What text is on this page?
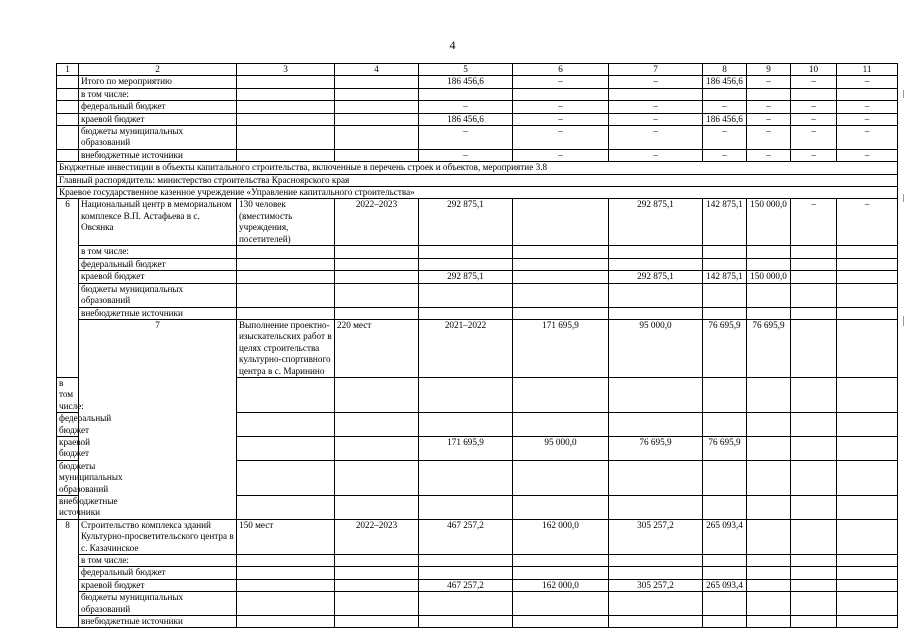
4
1	2	3	4	5	6	7	8	9	10	11	
	Итого по мероприятию			186 456,6	–	–	186 456,6	–	–	–	
	в том числе:										
	федеральный бюджет			–	–	–	–	–	–	–	
	краевой бюджет			186 456,6	–	–	186 456,6	–	–	–	
	бюджеты муниципальных образований			–	–	–	–	–	–	–	
	внебюджетные источники			–	–	–	–	–	–	–	
Бюджетные инвестиции в объекты капитального строительства, включенные в перечень строек и объектов, мероприятие 3.8											
Главный распорядитель: министерство строительства Красноярского края											
Краевое государственное казенное учреждение «Управление капитального строительства»											
6	Национальный центр в мемориальном комплексе В.П. Астафьева в с. Овсянка	130 человек (вместимость учреждения, посетителей)	2022–2023	292 875,1		292 875,1	142 875,1	150 000,0	–	–	
	в том числе:										
	федеральный бюджет										
	краевой бюджет			292 875,1		292 875,1	142 875,1	150 000,0			
	бюджеты муниципальных образований										
	внебюджетные источники										
	7	Выполнение проектно-изыскательских работ в целях строительства культурно-спортивного центра в с. Маринино	220 мест	2021–2022	171 695,9	95 000,0	76 695,9	76 695,9			
в том числе:											
федеральный бюджет											
краевой бюджет				171 695,9	95 000,0	76 695,9	76 695,9				
бюджеты муниципальных образований											
внебюджетные источники											
8	Строительство комплекса зданий Культурно-просветительского центра в с. Казачинское	150 мест	2022–2023	467 257,2	162 000,0	305 257,2	265 093,4				
	в том числе:										
	федеральный бюджет										
	краевой бюджет			467 257,2	162 000,0	305 257,2	265 093,4				
	бюджеты муниципальных образований										
	внебюджетные источники										
